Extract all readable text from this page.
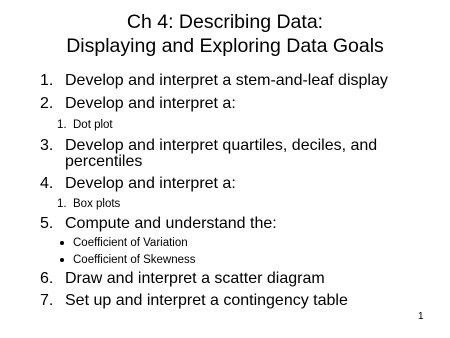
Ch 4: Describing Data:
Displaying and Exploring Data Goals
1. Develop and interpret a stem-and-leaf display
2. Develop and interpret a:
1. Dot plot
3. Develop and interpret quartiles, deciles, and
percentiles
4. Develop and interpret a:
1. Box plots
5. Compute and understand the:
Coefficient of Variation
Coefficient of Skewness
6. Draw and interpret a scatter diagram
7. Set up and interpret a contingency table
1
